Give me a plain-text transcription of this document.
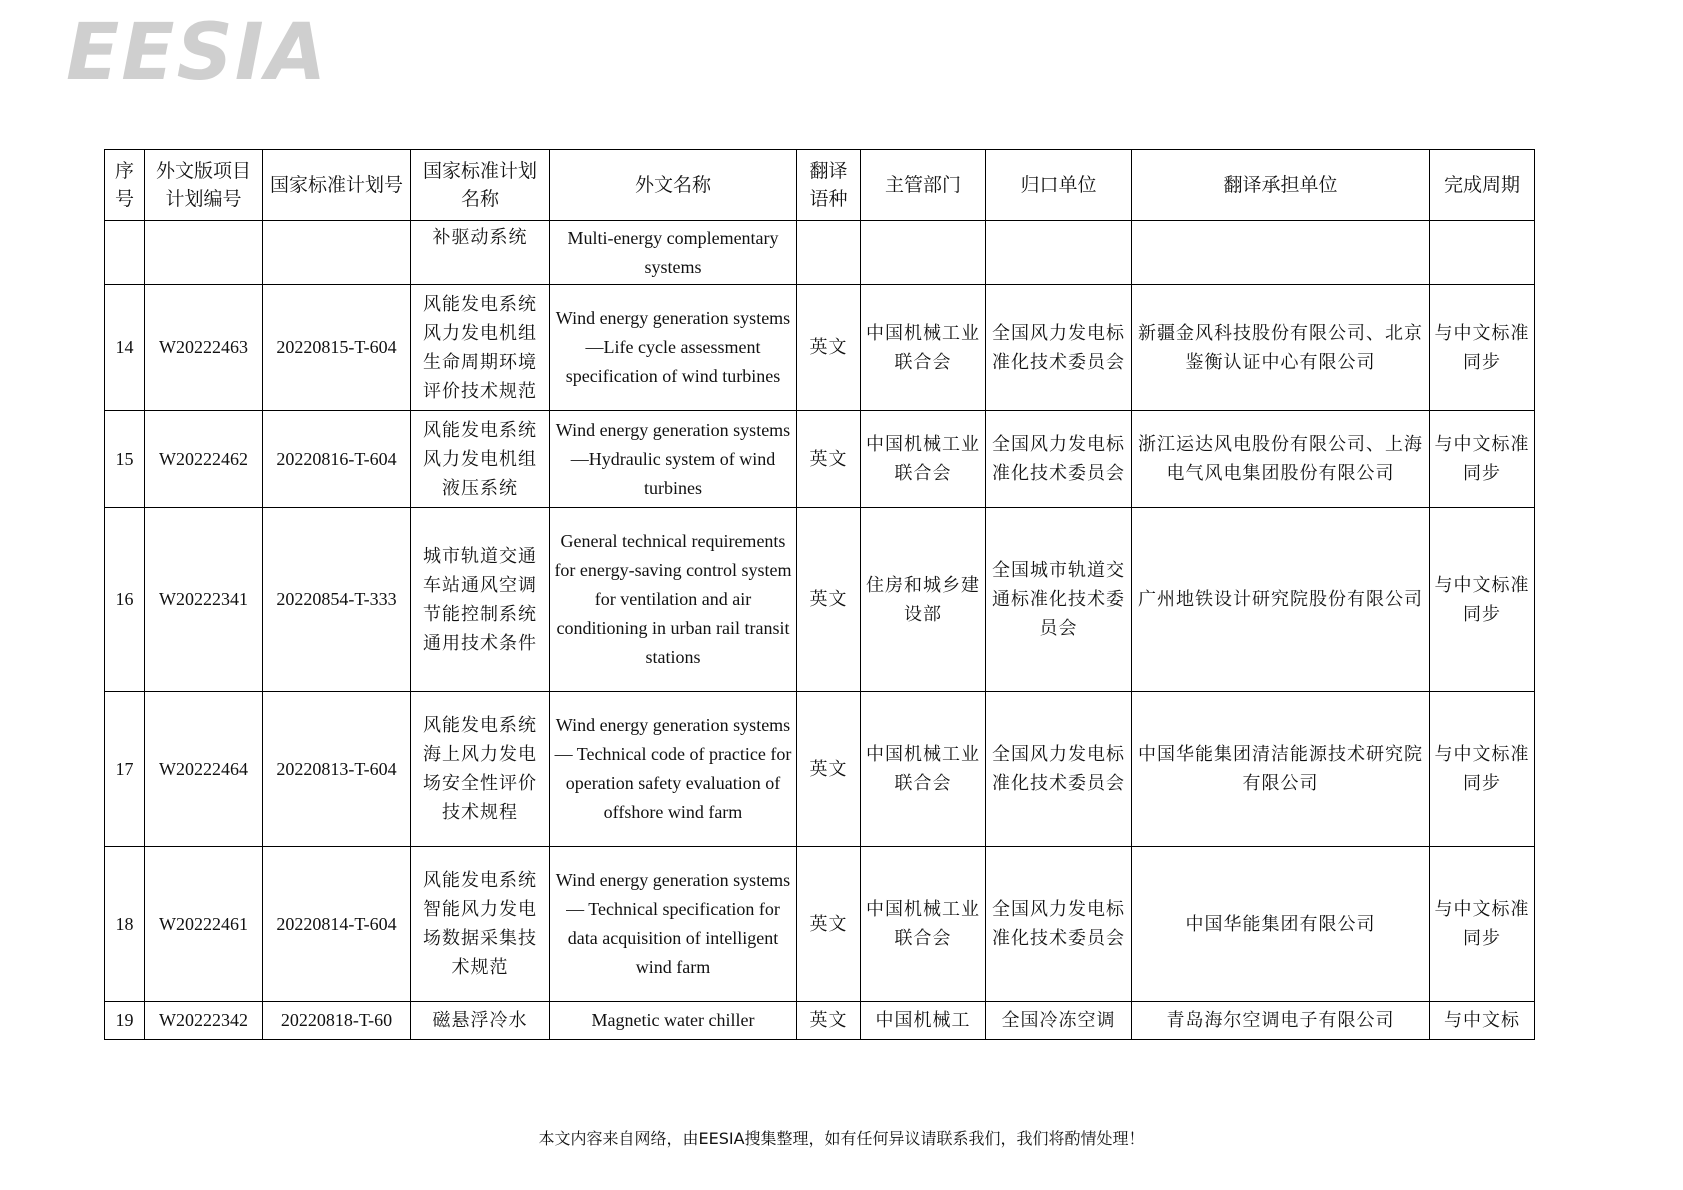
EESIA
序号	外文版项目计划编号	国家标准计划号	国家标准计划名称	外文名称	翻译语种	主管部门	归口单位	翻译承担单位	完成周期
			补驱动系统	Multi-energy complementary systems					
14	W20222463	20220815-T-604	风能发电系统 风力发电机组生命周期环境评价技术规范	Wind energy generation systems —Life cycle assessment specification of wind turbines	英文	中国机械工业联合会	全国风力发电标准化技术委员会	新疆金风科技股份有限公司、北京鉴衡认证中心有限公司	与中文标准同步
15	W20222462	20220816-T-604	风能发电系统 风力发电机组液压系统	Wind energy generation systems—Hydraulic system of wind turbines	英文	中国机械工业联合会	全国风力发电标准化技术委员会	浙江运达风电股份有限公司、上海电气风电集团股份有限公司	与中文标准同步
16	W20222341	20220854-T-333	城市轨道交通车站通风空调节能控制系统通用技术条件	General technical requirements for energy-saving control system for ventilation and air conditioning in urban rail transit stations	英文	住房和城乡建设部	全国城市轨道交通标准化技术委员会	广州地铁设计研究院股份有限公司	与中文标准同步
17	W20222464	20220813-T-604	风能发电系统 海上风力发电场安全性评价技术规程	Wind energy generation systems — Technical code of practice for operation safety evaluation of offshore wind farm	英文	中国机械工业联合会	全国风力发电标准化技术委员会	中国华能集团清洁能源技术研究院有限公司	与中文标准同步
18	W20222461	20220814-T-604	风能发电系统 智能风力发电场数据采集技术规范	Wind energy generation systems — Technical specification for data acquisition of intelligent wind farm	英文	中国机械工业联合会	全国风力发电标准化技术委员会	中国华能集团有限公司	与中文标准同步
19	W20222342	20220818-T-60	磁悬浮冷水	Magnetic water chiller	英文	中国机械工	全国冷冻空调	青岛海尔空调电子有限公司	与中文标
本文内容来自网络，由EESIA搜集整理，如有任何异议请联系我们，我们将酌情处理！
